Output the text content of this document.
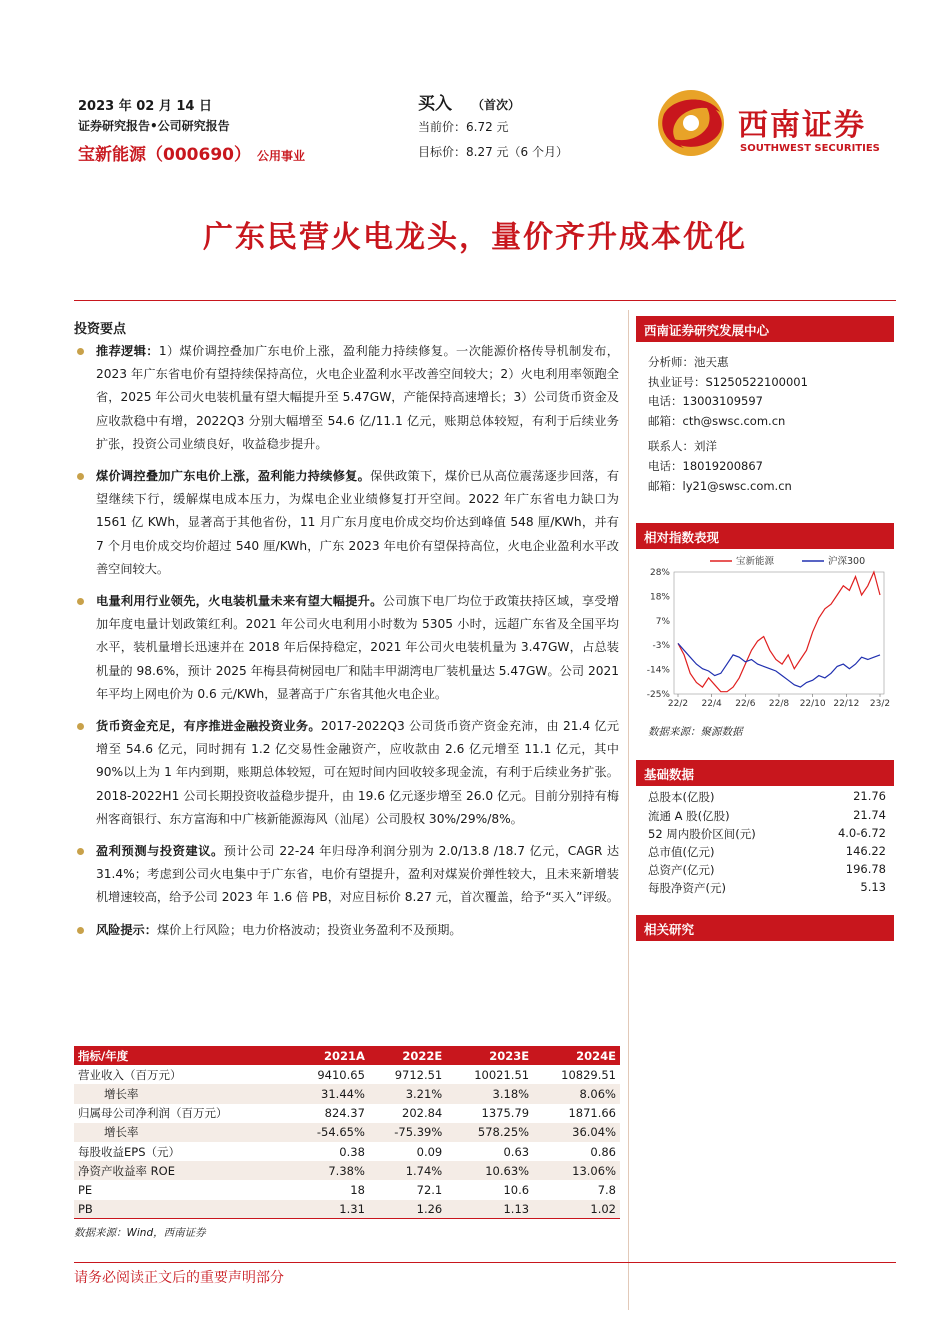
2023 年 02 月 14 日
证券研究报告•公司研究报告
宝新能源（000690） 公用事业
买入 （首次）
当前价：6.72 元
目标价：8.27 元（6 个月）
西南证券
SOUTHWEST SECURITIES
广东民营火电龙头，量价齐升成本优化
投资要点
推荐逻辑：1）煤价调控叠加广东电价上涨，盈利能力持续修复。一次能源价格传导机制发布，2023 年广东省电价有望持续保持高位，火电企业盈利水平改善空间较大；2）火电利用率领跑全省，2025 年公司火电装机量有望大幅提升至 5.47GW，产能保持高速增长；3）公司货币资金及应收款稳中有增，2022Q3 分别大幅增至 54.6 亿/11.1 亿元，账期总体较短，有利于后续业务扩张，投资公司业绩良好，收益稳步提升。
煤价调控叠加广东电价上涨，盈利能力持续修复。保供政策下，煤价已从高位震荡逐步回落，有望继续下行，缓解煤电成本压力，为煤电企业业绩修复打开空间。2022 年广东省电力缺口为 1561 亿 KWh，显著高于其他省份，11 月广东月度电价成交均价达到峰值 548 厘/KWh，并有 7 个月电价成交均价超过 540 厘/KWh，广东 2023 年电价有望保持高位，火电企业盈利水平改善空间较大。
电量利用行业领先，火电装机量未来有望大幅提升。公司旗下电厂均位于政策扶持区域，享受增加年度电量计划政策红利。2021 年公司火电利用小时数为 5305 小时，远超广东省及全国平均水平，装机量增长迅速并在 2018 年后保持稳定，2021 年公司火电装机量为 3.47GW，占总装机量的 98.6%，预计 2025 年梅县荷树园电厂和陆丰甲湖湾电厂装机量达 5.47GW。公司 2021 年平均上网电价为 0.6 元/KWh，显著高于广东省其他火电企业。
货币资金充足，有序推进金融投资业务。2017-2022Q3 公司货币资产资金充沛，由 21.4 亿元增至 54.6 亿元，同时拥有 1.2 亿交易性金融资产，应收款由 2.6 亿元增至 11.1 亿元，其中 90%以上为 1 年内到期，账期总体较短，可在短时间内回收较多现金流，有利于后续业务扩张。2018-2022H1 公司长期投资收益稳步提升，由 19.6 亿元逐步增至 26.0 亿元。目前分别持有梅州客商银行、东方富海和中广核新能源海风（汕尾）公司股权 30%/29%/8%。
盈利预测与投资建议。预计公司 22-24 年归母净利润分别为 2.0/13.8 /18.7 亿元，CAGR 达 31.4%；考虑到公司火电集中于广东省，电价有望提升，盈利对煤炭价弹性较大，且未来新增装机增速较高，给予公司 2023 年 1.6 倍 PB，对应目标价 8.27 元，首次覆盖，给予“买入”评级。
风险提示：煤价上行风险；电力价格波动；投资业务盈利不及预期。
指标/年度	2021A	2022E	2023E	2024E
营业收入（百万元）	9410.65	9712.51	10021.51	10829.51
增长率	31.44%	3.21%	3.18%	8.06%
归属母公司净利润（百万元）	824.37	202.84	1375.79	1871.66
增长率	-54.65%	-75.39%	578.25%	36.04%
每股收益EPS（元）	0.38	0.09	0.63	0.86
净资产收益率 ROE	7.38%	1.74%	10.63%	13.06%
PE	18	72.1	10.6	7.8
PB	1.31	1.26	1.13	1.02
数据来源：Wind，西南证券
西南证券研究发展中心
分析师：池天惠
执业证号：S1250522100001
电话：13003109597
邮箱：cth@swsc.com.cn
联系人：刘洋
电话：18019200867
邮箱：ly21@swsc.com.cn
相对指数表现
28%
18%
7%
-3%
-14%
-25%
22/2 22/4 22/6 22/8 22/10 22/12 23/2
宝新能源	沪深300
数据来源：聚源数据
基础数据
总股本(亿股)	21.76
流通 A 股(亿股)	21.74
52 周内股价区间(元)	4.0-6.72
总市值(亿元)	146.22
总资产(亿元)	196.78
每股净资产(元)	5.13
相关研究
请务必阅读正文后的重要声明部分
